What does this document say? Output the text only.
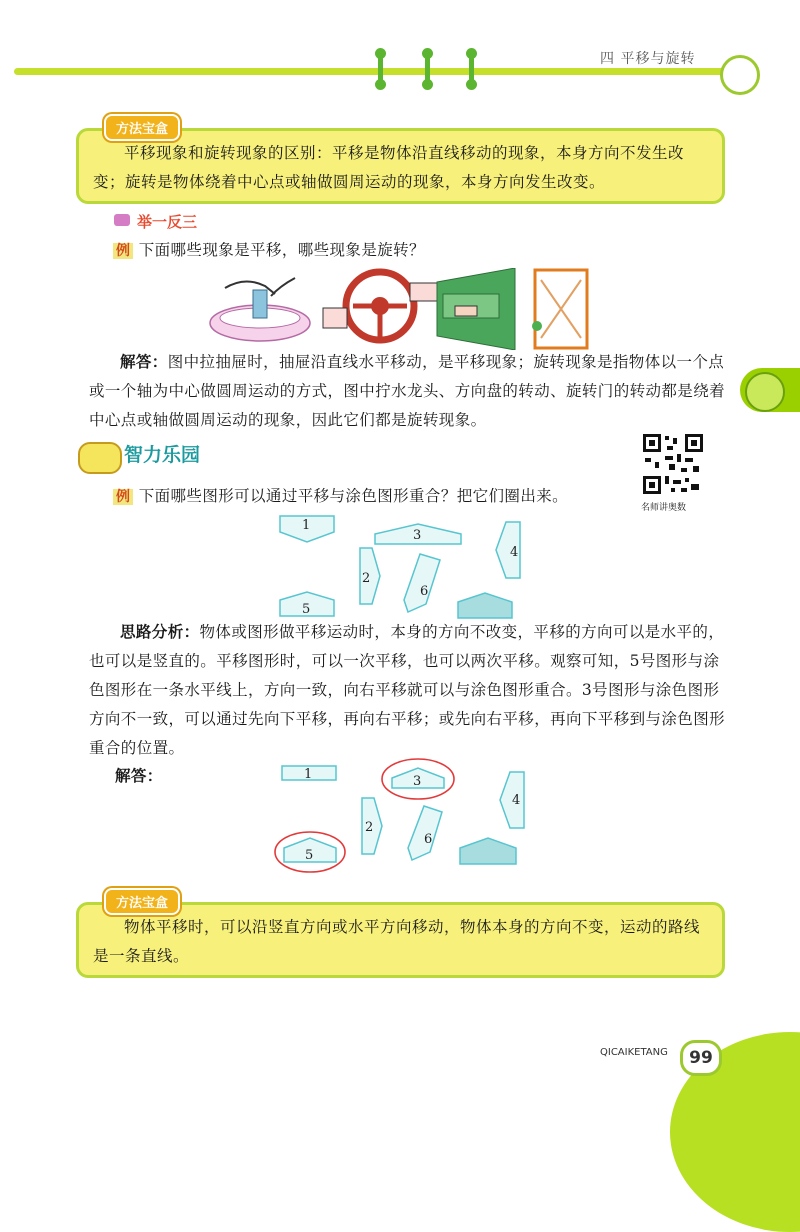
四 平移与旋转
平移现象和旋转现象的区别：平移是物体沿直线移动的现象，本身方向不发生改变；旋转是物体绕着中心点或轴做圆周运动的现象，本身方向发生改变。
方法宝盒
举一反三
例 下面哪些现象是平移，哪些现象是旋转？
解答：图中拉抽屉时，抽屉沿直线水平移动，是平移现象；旋转现象是指物体以一个点或一个轴为中心做圆周运动的方式，图中拧水龙头、方向盘的转动、旋转门的转动都是绕着中心点或轴做圆周运动的现象，因此它们都是旋转现象。
智力乐园
例 下面哪些图形可以通过平移与涂色图形重合？把它们圈出来。
名师讲奥数
1
3
4
2
6
5
思路分析：物体或图形做平移运动时，本身的方向不改变，平移的方向可以是水平的，也可以是竖直的。平移图形时，可以一次平移，也可以两次平移。观察可知，5号图形与涂色图形在一条水平线上，方向一致，向右平移就可以与涂色图形重合。3号图形与涂色图形方向不一致，可以通过先向下平移，再向右平移；或先向右平移，再向下平移到与涂色图形重合的位置。
解答：	1	3
4
2
6
5
物体平移时，可以沿竖直方向或水平方向移动，物体本身的方向不变，运动的路线是一条直线。
方法宝盒
QICAIKETANG	99
